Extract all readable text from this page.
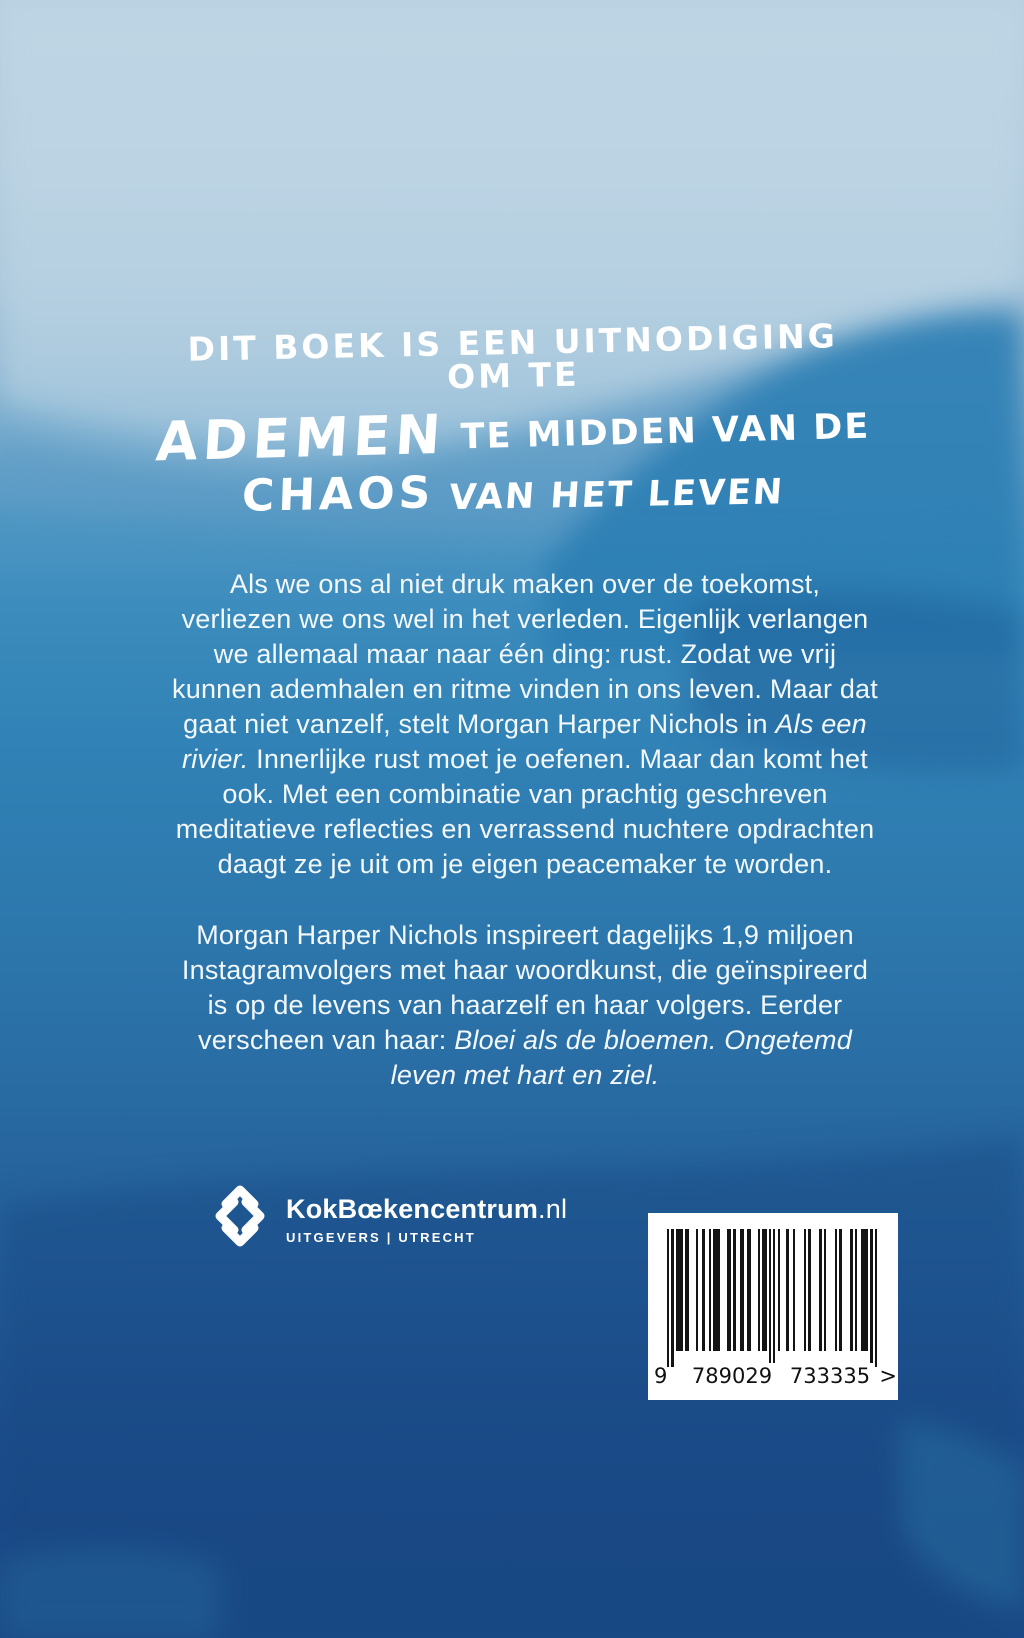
DIT BOEK IS EEN UITNODIGING OM TE
ADEMEN TE MIDDEN VAN DE
CHAOS VAN HET LEVEN

Als we ons al niet druk maken over de toekomst, verliezen we ons wel in het verleden. Eigenlijk verlangen we allemaal maar naar één ding: rust. Zodat we vrij kunnen ademhalen en ritme vinden in ons leven. Maar dat gaat niet vanzelf, stelt Morgan Harper Nichols in Als een rivier. Innerlijke rust moet je oefenen. Maar dan komt het ook. Met een combinatie van prachtig geschreven meditatieve reflecties en verrassend nuchtere opdrachten daagt ze je uit om je eigen peacemaker te worden.

Morgan Harper Nichols inspireert dagelijks 1,9 miljoen Instagramvolgers met haar woordkunst, die geïnspireerd is op de levens van haarzelf en haar volgers. Eerder verscheen van haar: Bloei als de bloemen. Ongetemd leven met hart en ziel.

KokBœkencentrum.nl
UITGEVERS | UTRECHT
9 789029 733335 >
